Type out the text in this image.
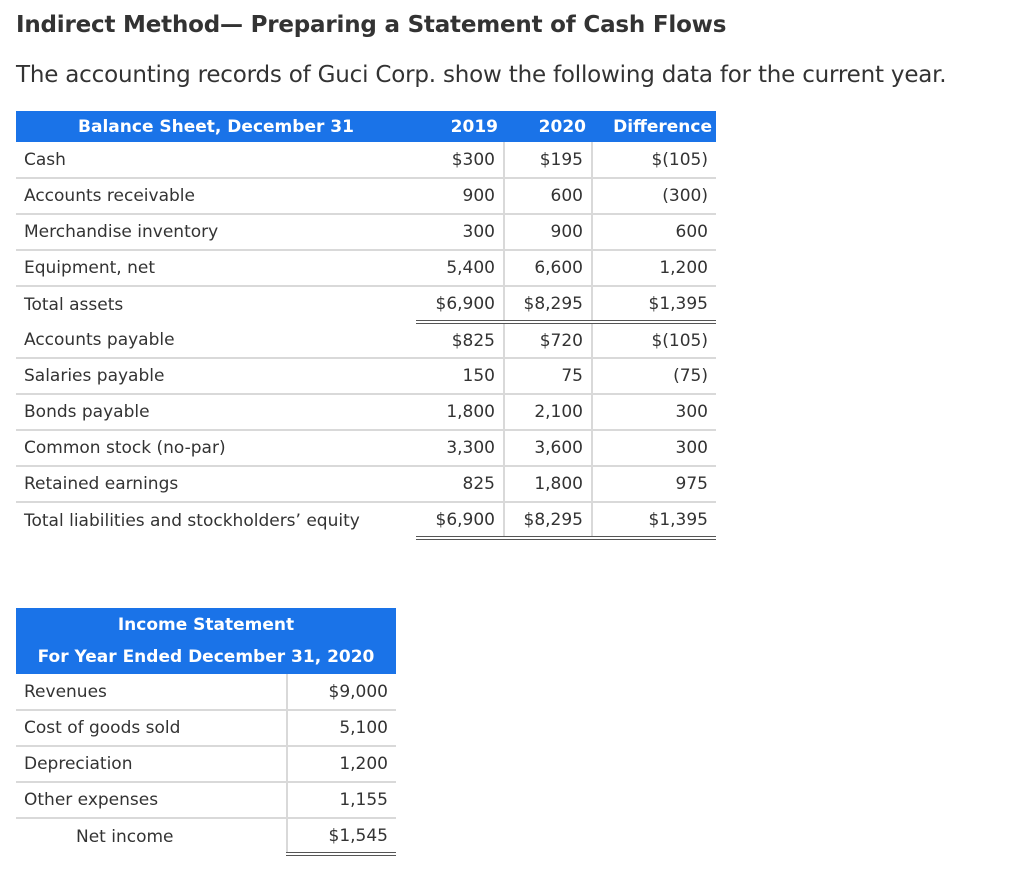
Indirect Method— Preparing a Statement of Cash Flows
The accounting records of Guci Corp. show the following data for the current year.
Balance Sheet, December 31	2019	2020	Difference
Cash	$300	$195	$(105)
Accounts receivable	900	600	(300)
Merchandise inventory	300	900	600
Equipment, net	5,400	6,600	1,200
Total assets	$6,900	$8,295	$1,395
Accounts payable	$825	$720	$(105)
Salaries payable	150	75	(75)
Bonds payable	1,800	2,100	300
Common stock (no-par)	3,300	3,600	300
Retained earnings	825	1,800	975
Total liabilities and stockholders’ equity	$6,900	$8,295	$1,395
Income Statement
For Year Ended December 31, 2020	

Revenues	$9,000
Cost of goods sold	5,100
Depreciation	1,200
Other expenses	1,155
Net income	$1,545
